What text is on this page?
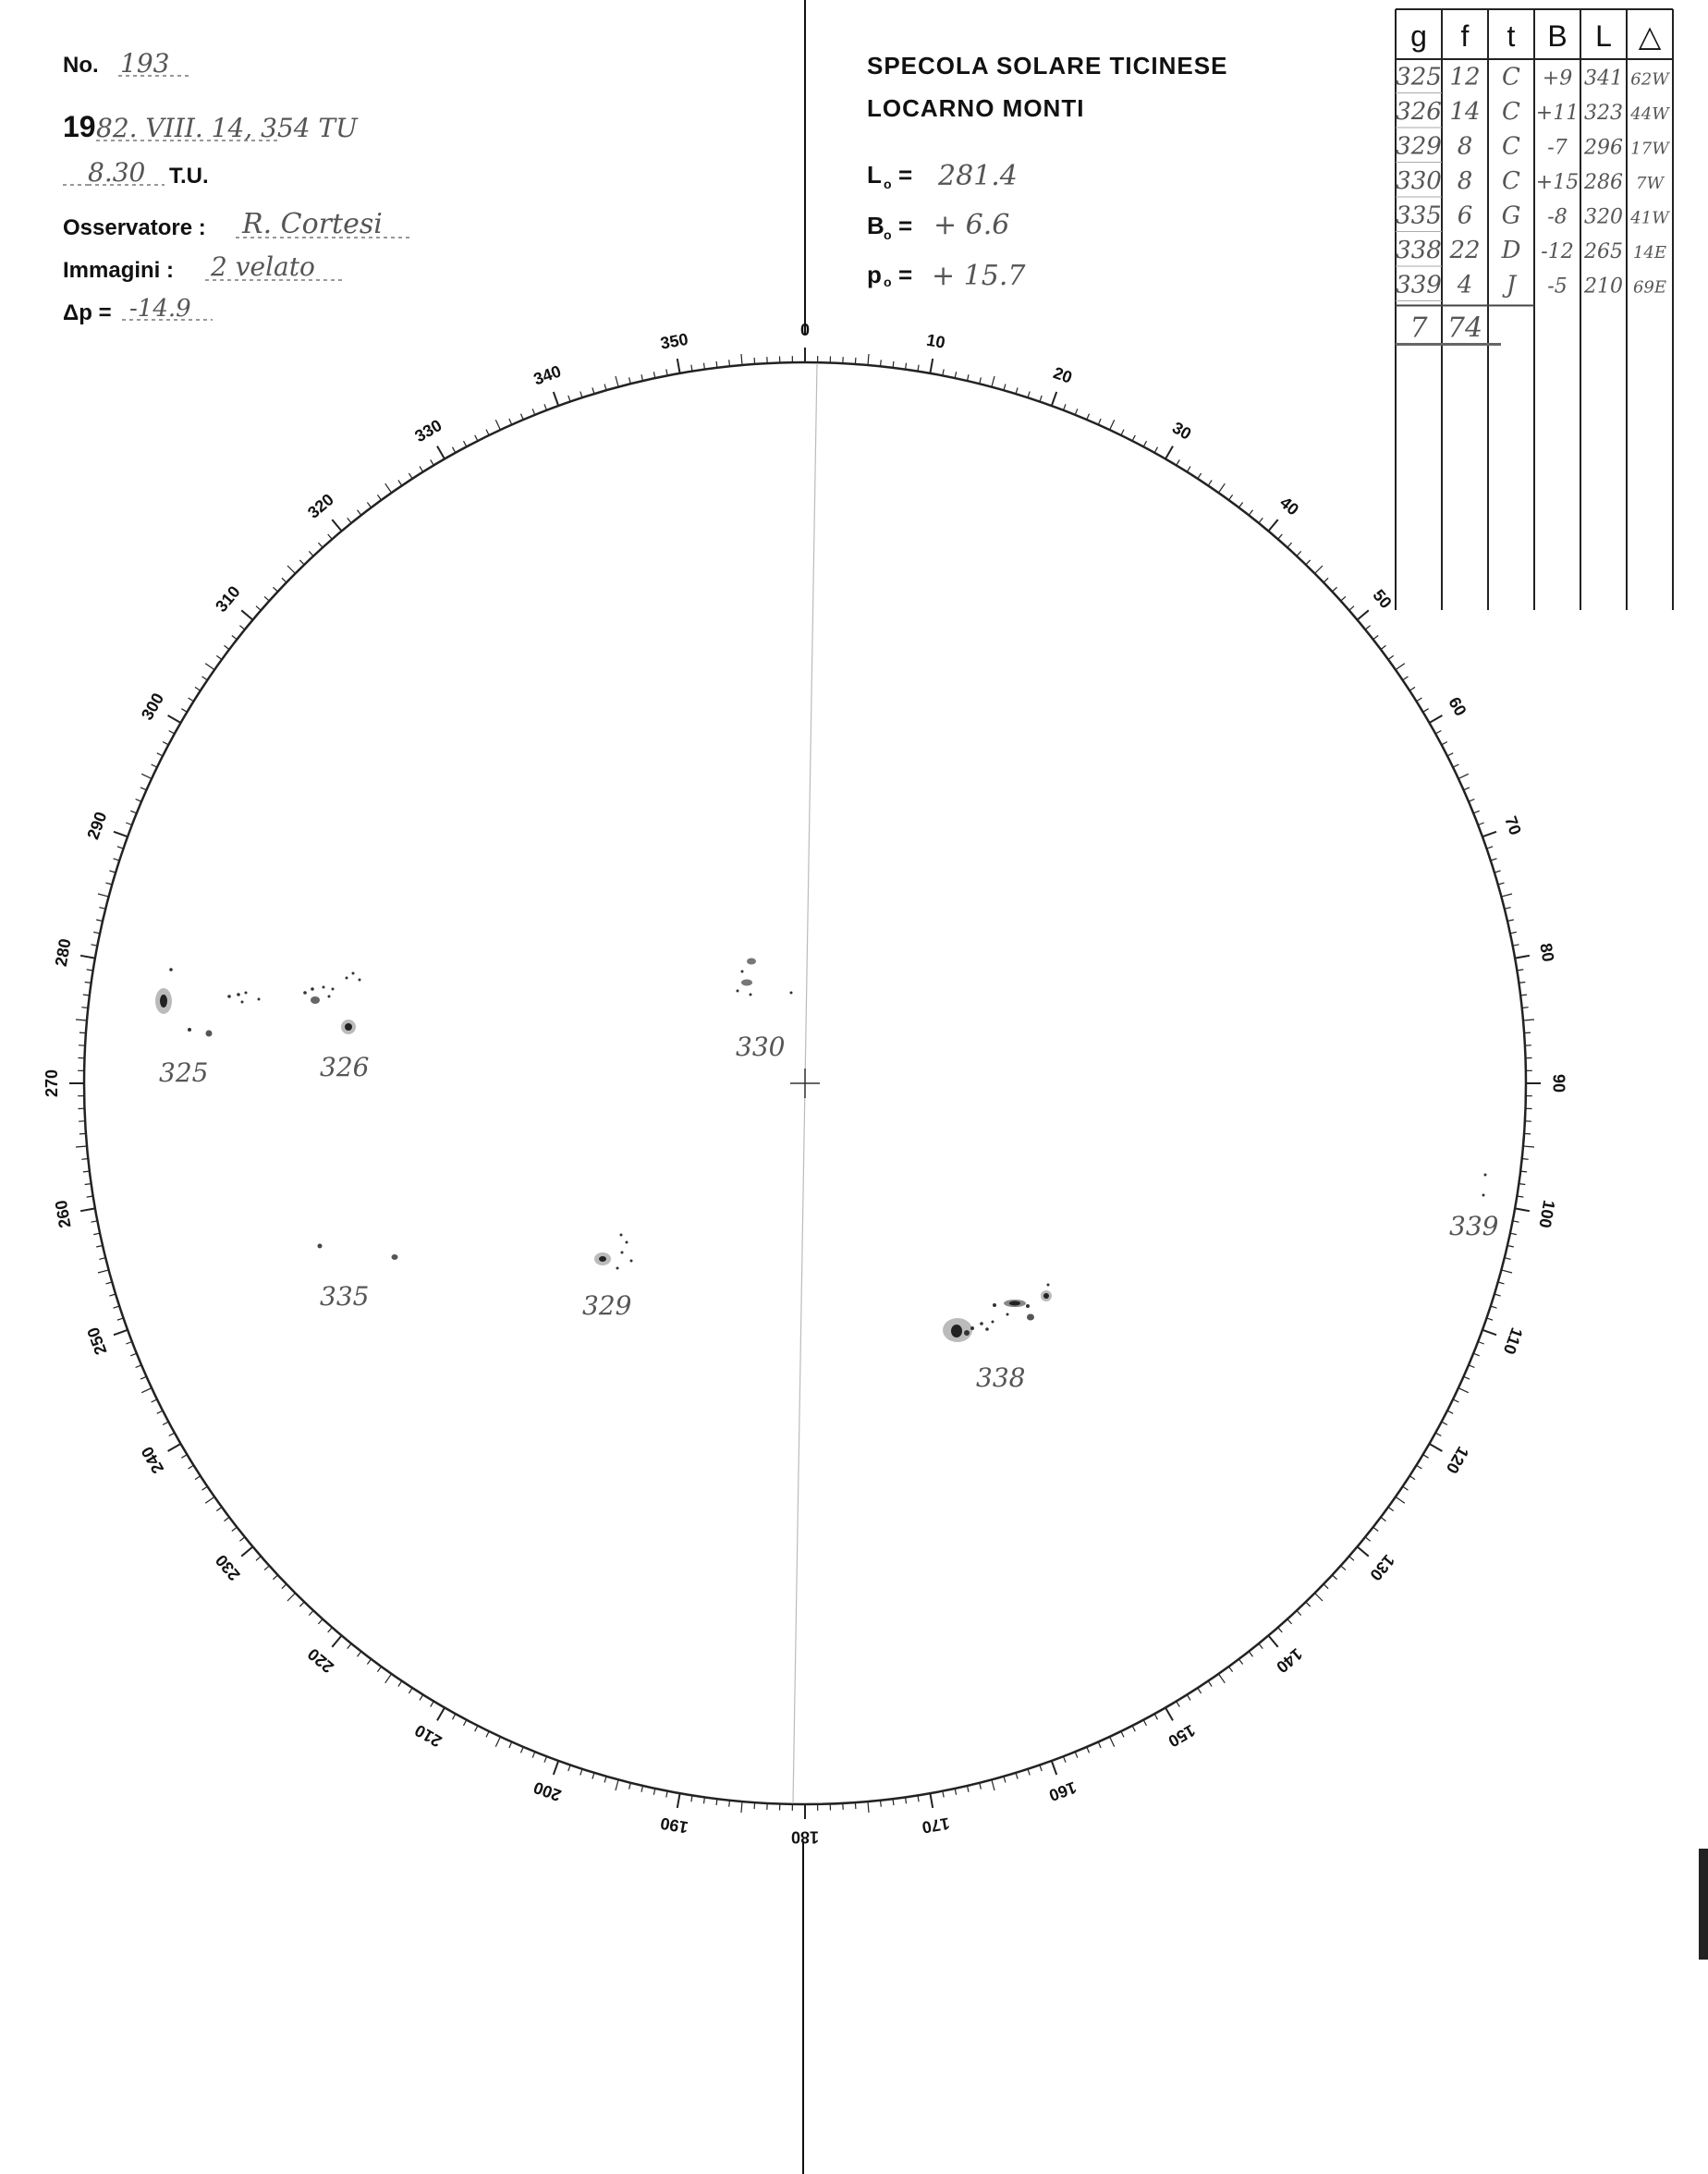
No. 193
19 82. VIII. 14, 354 TU
8.30 T.U.
Osservatore : R. Cortesi
Immagini : 2 velato
Δp = -14.9
SPECOLA SOLARE TICINESE
LOCARNO MONTI
L o = 281.4
B o = + 6.6
p o = + 15.7
g f t B L △
325 12 C +9 341 62W
326 14 C +11 323 44W
329 8 C -7 296 17W
330 8 C +15 286 7W
335 6 G -8 320 41W
338 22 D -12 265 14E
339 4 J -5 210 69E
7 74
0
10
20
30
40
50
60
70
80
90
100
110
120
130
140
150
160
170
180
190
200
210
220
230
240
250
260
270
280
290
300
310
320
330
340
350
325	326
330
335	329
338
339
